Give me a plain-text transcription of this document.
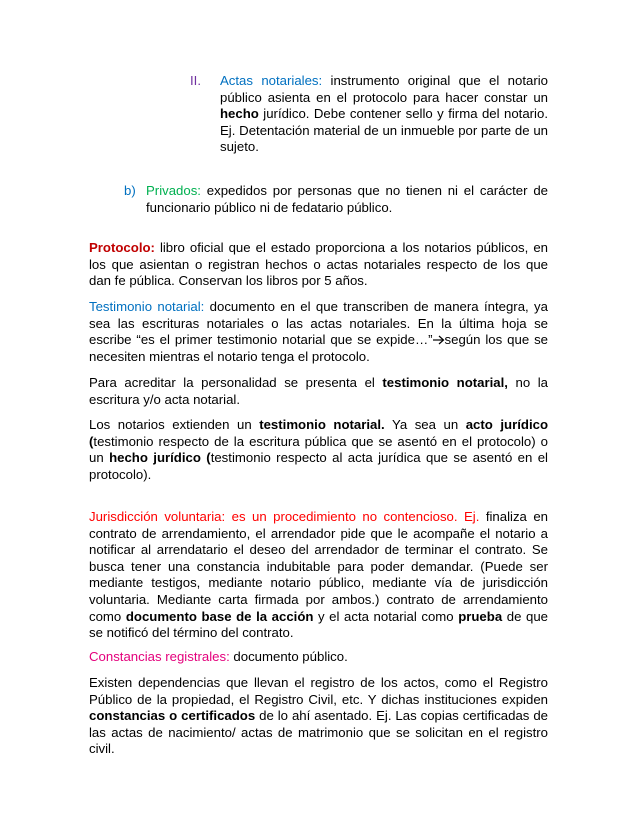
II. Actas notariales: instrumento original que el notario público asienta en el protocolo para hacer constar un hecho jurídico. Debe contener sello y firma del notario. Ej. Detentación material de un inmueble por parte de un sujeto.

b) Privados: expedidos por personas que no tienen ni el carácter de funcionario público ni de fedatario público.

Protocolo: libro oficial que el estado proporciona a los notarios públicos, en los que asientan o registran hechos o actas notariales respecto de los que dan fe pública. Conservan los libros por 5 años.

Testimonio notarial: documento en el que transcriben de manera íntegra, ya sea las escrituras notariales o las actas notariales. En la última hoja se escribe “es el primer testimonio notarial que se expide…” según los que se necesiten mientras el notario tenga el protocolo.

Para acreditar la personalidad se presenta el testimonio notarial, no la escritura y/o acta notarial.

Los notarios extienden un testimonio notarial. Ya sea un acto jurídico (testimonio respecto de la escritura pública que se asentó en el protocolo) o un hecho jurídico (testimonio respecto al acta jurídica que se asentó en el protocolo).

Jurisdicción voluntaria: es un procedimiento no contencioso. Ej. finaliza en contrato de arrendamiento, el arrendador pide que le acompañe el notario a notificar al arrendatario el deseo del arrendador de terminar el contrato. Se busca tener una constancia indubitable para poder demandar. (Puede ser mediante testigos, mediante notario público, mediante vía de jurisdicción voluntaria. Mediante carta firmada por ambos.) contrato de arrendamiento como documento base de la acción y el acta notarial como prueba de que se notificó del término del contrato.

Constancias registrales: documento público.

Existen dependencias que llevan el registro de los actos, como el Registro Público de la propiedad, el Registro Civil, etc. Y dichas instituciones expiden constancias o certificados de lo ahí asentado. Ej. Las copias certificadas de las actas de nacimiento/ actas de matrimonio que se solicitan en el registro civil.
